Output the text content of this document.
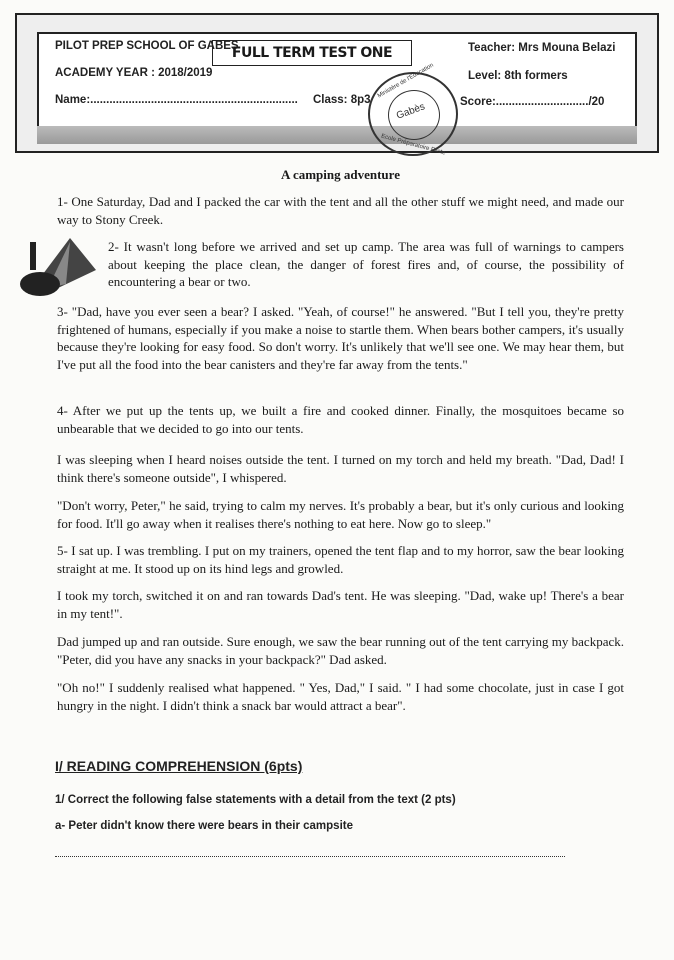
PILOT PREP SCHOOL OF GABES
ACADEMY YEAR : 2018/2019
Name:................................................................. Class: 8p3
FULL TERM TEST ONE	Teacher: Mrs Mouna Belazi
Level: 8th formers
Score:............................./20
Gabès
Ministère de l'Education
Ecole Préparatoire Pilote
A camping adventure
1- One Saturday, Dad and I packed the car with the tent and all the other stuff we might need, and made our way to Stony Creek.
2- It wasn't long before we arrived and set up camp. The area was full of warnings to campers about keeping the place clean, the danger of forest fires and, of course, the possibility of encountering a bear or two.
3- "Dad, have you ever seen a bear? I asked. "Yeah, of course!" he answered. "But I tell you, they're pretty frightened of humans, especially if you make a noise to startle them. When bears bother campers, it's usually because they're looking for easy food. So don't worry. It's unlikely that we'll see one. We may hear them, but I've put all the food into the bear canisters and they're far away from the tents."
4- After we put up the tents up, we built a fire and cooked dinner. Finally, the mosquitoes became so unbearable that we decided to go into our tents.
I was sleeping when I heard noises outside the tent. I turned on my torch and held my breath. "Dad, Dad! I think there's someone outside", I whispered.
"Don't worry, Peter," he said, trying to calm my nerves. It's probably a bear, but it's only curious and looking for food. It'll go away when it realises there's nothing to eat here. Now go to sleep."
5- I sat up. I was trembling. I put on my trainers, opened the tent flap and to my horror, saw the bear looking straight at me. It stood up on its hind legs and growled.
I took my torch, switched it on and ran towards Dad's tent. He was sleeping. "Dad, wake up! There's a bear in my tent!".
Dad jumped up and ran outside. Sure enough, we saw the bear running out of the tent carrying my backpack. "Peter, did you have any snacks in your backpack?" Dad asked.
"Oh no!" I suddenly realised what happened. " Yes, Dad," I said. " I had some chocolate, just in case I got hungry in the night. I didn't think a snack bar would attract a bear".
I/ READING COMPREHENSION (6pts)
1/ Correct the following false statements with a detail from the text (2 pts)
a- Peter didn't know there were bears in their campsite
